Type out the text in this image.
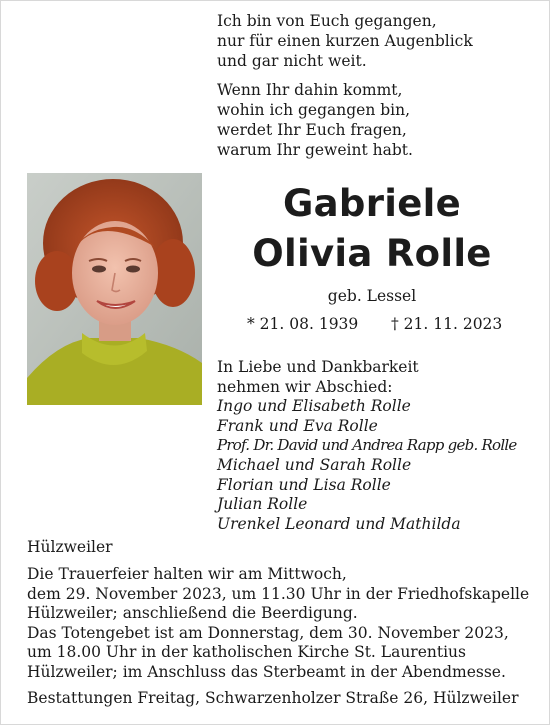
Ich bin von Euch gegangen,
nur für einen kurzen Augenblick
und gar nicht weit.
Wenn Ihr dahin kommt,
wohin ich gegangen bin,
werdet Ihr Euch fragen,
warum Ihr geweint habt.
Gabriele
Olivia Rolle
geb. Lessel
* 21. 08. 1939 † 21. 11. 2023
In Liebe und Dankbarkeit
nehmen wir Abschied:
Ingo und Elisabeth Rolle
Frank und Eva Rolle
Prof. Dr. David und Andrea Rapp geb. Rolle
Michael und Sarah Rolle
Florian und Lisa Rolle
Julian Rolle
Urenkel Leonard und Mathilda
Hülzweiler
Die Trauerfeier halten wir am Mittwoch,
dem 29. November 2023, um 11.30 Uhr in der Friedhofskapelle
Hülzweiler; anschließend die Beerdigung.
Das Totengebet ist am Donnerstag, dem 30. November 2023,
um 18.00 Uhr in der katholischen Kirche St. Laurentius
Hülzweiler; im Anschluss das Sterbeamt in der Abendmesse.
Bestattungen Freitag, Schwarzenholzer Straße 26, Hülzweiler
